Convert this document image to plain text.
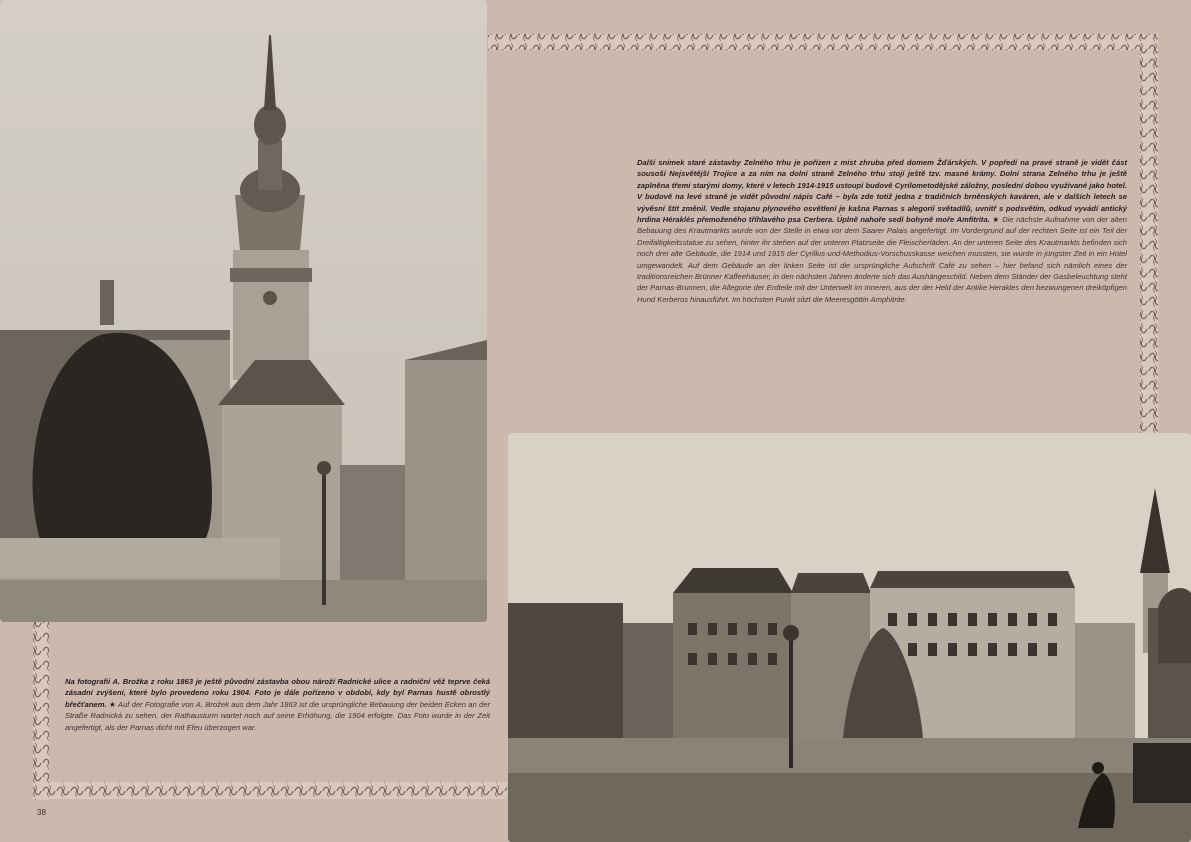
Další snímek staré zástavby Zelného trhu je pořízen z míst zhruba před domem Žďárských. V popředí na pravé straně je vidět část sousoší Nejsvětější Trojice a za ním na dolní straně Zelného trhu stojí ještě tzv. masné krámy. Dolní strana Zelného trhu je ještě zaplněna třemi starými domy, které v letech 1914-1915 ustoupí budově Cyrilometodějské záložny, poslední dobou využívané jako hotel. V budově na levé straně je vidět původní nápis Café – byla zde totiž jedna z tradičních brněnských kaváren, ale v dalších letech se vývěsní štít změnil. Vedle stojanu plynového osvětlení je kašna Parnas s alegorií světadílů, uvnitř s podsvětím, odkud vyvádí antický hrdina Héraklés přemoženého tříhlavého psa Cerbera. Úplně nahoře sedí bohyně moře Amfitrita. ★ Die nächste Aufnahme von der alten Bebauung des Krautmarkts wurde von der Stelle in etwa vor dem Saarer Palais angefertigt. Im Vordergrund auf der rechten Seite ist ein Teil der Dreifaltigkeitsstatue zu sehen, hinter ihr stehen auf der unteren Platzseite die Fleischerläden. An der unteren Seite des Krautmarkts befinden sich noch drei alte Gebäude, die 1914 und 1915 der Cyrillus-und-Methodius-Vorschusskasse weichen mussten, sie wurde in jüngster Zeit in ein Hotel umgewandelt. Auf dem Gebäude an der linken Seite ist die ursprüngliche Aufschrift Café zu sehen – hier befand sich nämlich eines der traditionsreichen Brünner Kaffeehäuser, in den nächsten Jahren änderte sich das Aushängeschild. Neben dem Ständer der Gasbeleuchtung steht der Parnas-Brunnen, die Allegorie der Erdteile mit der Unterwelt im Inneren, aus der der Held der Antike Herakles den bezwungenen dreiköpfigen Hund Kerberos hinausführt. Im höchsten Punkt sitzt die Meeresgöttin Amphitrite.
Na fotografii A. Brožka z roku 1863 je ještě původní zástavba obou nároží Radnické ulice a radniční věž teprve čeká zásadní zvýšení, které bylo provedeno roku 1904. Foto je dále pořízeno v období, kdy byl Parnas hustě obrostlý břečťanem. ★ Auf der Fotografie von A. Brožek aus dem Jahr 1863 ist die ursprüngliche Bebauung der beiden Ecken an der Straße Radnická zu sehen, der Rathausturm wartet noch auf seine Erhöhung, die 1904 erfolgte. Das Foto wurde in der Zeit angefertigt, als der Parnas dicht mit Efeu überzogen war.
38
